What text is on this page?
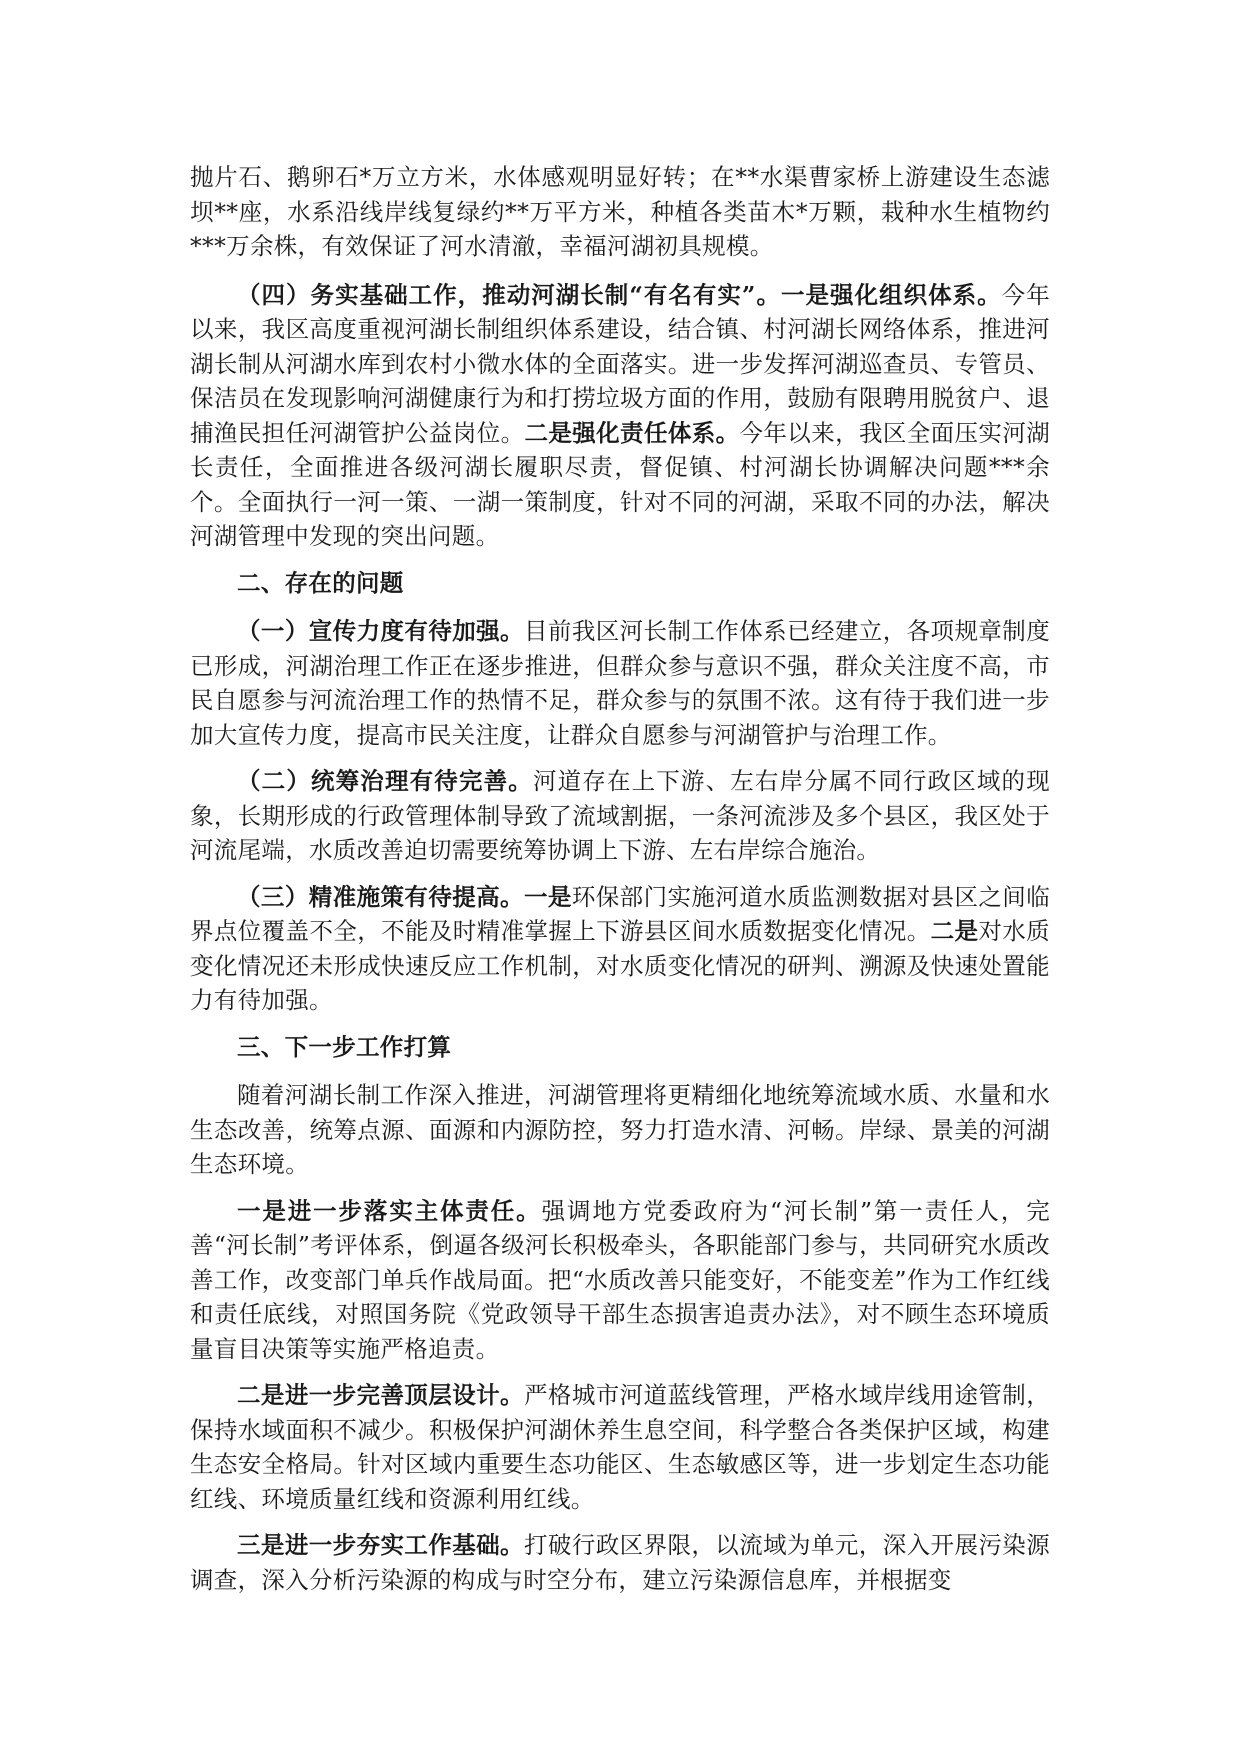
抛片石、鹅卵石*万立方米，水体感观明显好转；在**水渠曹家桥上游建设生态滤坝**座，水系沿线岸线复绿约**万平方米，种植各类苗木*万颗，栽种水生植物约***万余株，有效保证了河水清澈，幸福河湖初具规模。

（四）务实基础工作，推动河湖长制“有名有实”。一是强化组织体系。今年以来，我区高度重视河湖长制组织体系建设，结合镇、村河湖长网络体系，推进河湖长制从河湖水库到农村小微水体的全面落实。进一步发挥河湖巡查员、专管员、保洁员在发现影响河湖健康行为和打捞垃圾方面的作用，鼓励有限聘用脱贫户、退捕渔民担任河湖管护公益岗位。二是强化责任体系。今年以来，我区全面压实河湖长责任，全面推进各级河湖长履职尽责，督促镇、村河湖长协调解决问题***余个。全面执行一河一策、一湖一策制度，针对不同的河湖，采取不同的办法，解决河湖管理中发现的突出问题。

二、存在的问题

（一）宣传力度有待加强。目前我区河长制工作体系已经建立，各项规章制度已形成，河湖治理工作正在逐步推进，但群众参与意识不强，群众关注度不高，市民自愿参与河流治理工作的热情不足，群众参与的氛围不浓。这有待于我们进一步加大宣传力度，提高市民关注度，让群众自愿参与河湖管护与治理工作。

（二）统筹治理有待完善。河道存在上下游、左右岸分属不同行政区域的现象，长期形成的行政管理体制导致了流域割据，一条河流涉及多个县区，我区处于河流尾端，水质改善迫切需要统筹协调上下游、左右岸综合施治。

（三）精准施策有待提高。一是环保部门实施河道水质监测数据对县区之间临界点位覆盖不全，不能及时精准掌握上下游县区间水质数据变化情况。二是对水质变化情况还未形成快速反应工作机制，对水质变化情况的研判、溯源及快速处置能力有待加强。

三、下一步工作打算

随着河湖长制工作深入推进，河湖管理将更精细化地统筹流域水质、水量和水生态改善，统筹点源、面源和内源防控，努力打造水清、河畅。岸绿、景美的河湖生态环境。

一是进一步落实主体责任。强调地方党委政府为“河长制”第一责任人，完善“河长制”考评体系，倒逼各级河长积极牵头，各职能部门参与，共同研究水质改善工作，改变部门单兵作战局面。把“水质改善只能变好，不能变差”作为工作红线和责任底线，对照国务院《党政领导干部生态损害追责办法》，对不顾生态环境质量盲目决策等实施严格追责。

二是进一步完善顶层设计。严格城市河道蓝线管理，严格水域岸线用途管制，保持水域面积不减少。积极保护河湖休养生息空间，科学整合各类保护区域，构建生态安全格局。针对区域内重要生态功能区、生态敏感区等，进一步划定生态功能红线、环境质量红线和资源利用红线。

三是进一步夯实工作基础。打破行政区界限，以流域为单元，深入开展污染源调查，深入分析污染源的构成与时空分布，建立污染源信息库，并根据变
